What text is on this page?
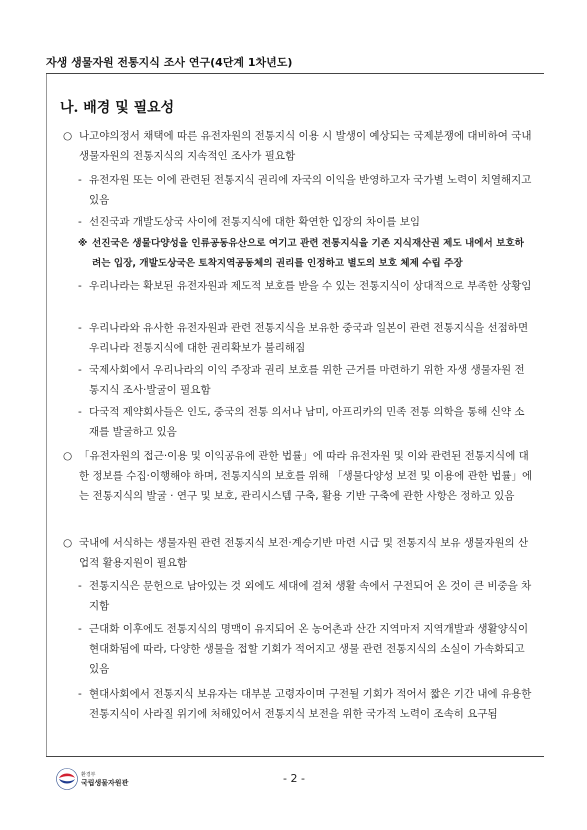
자생 생물자원 전통지식 조사 연구(4단계 1차년도)
나. 배경 및 필요성
○ 나고야의정서 채택에 따른 유전자원의 전통지식 이용 시 발생이 예상되는 국제분쟁에 대비하여 국내 생물자원의 전통지식의 지속적인 조사가 필요함
- 유전자원 또는 이에 관련된 전통지식 권리에 자국의 이익을 반영하고자 국가별 노력이 치열해지고 있음
- 선진국과 개발도상국 사이에 전통지식에 대한 확연한 입장의 차이를 보임
※ 선진국은 생물다양성을 인류공동유산으로 여기고 관련 전통지식을 기존 지식재산권 제도 내에서 보호하려는 입장, 개발도상국은 토착지역공동체의 권리를 인정하고 별도의 보호 체제 수립 주장
- 우리나라는 확보된 유전자원과 제도적 보호를 받을 수 있는 전통지식이 상대적으로 부족한 상황임
- 우리나라와 유사한 유전자원과 관련 전통지식을 보유한 중국과 일본이 관련 전통지식을 선점하면 우리나라 전통지식에 대한 권리확보가 불리해짐
- 국제사회에서 우리나라의 이익 주장과 권리 보호를 위한 근거를 마련하기 위한 자생 생물자원 전통지식 조사·발굴이 필요함
- 다국적 제약회사들은 인도, 중국의 전통 의서나 남미, 아프리카의 민족 전통 의학을 통해 신약 소재를 발굴하고 있음
○ 「유전자원의 접근·이용 및 이익공유에 관한 법률」에 따라 유전자원 및 이와 관련된 전통지식에 대한 정보를 수집·이행해야 하며, 전통지식의 보호를 위해 「생물다양성 보전 및 이용에 관한 법률」에는 전통지식의 발굴 · 연구 및 보호, 관리시스템 구축, 활용 기반 구축에 관한 사항은 정하고 있음
○ 국내에 서식하는 생물자원 관련 전통지식 보전·계승기반 마련 시급 및 전통지식 보유 생물자원의 산업적 활용지원이 필요함
- 전통지식은 문헌으로 남아있는 것 외에도 세대에 걸쳐 생활 속에서 구전되어 온 것이 큰 비중을 차지함
- 근대화 이후에도 전통지식의 명맥이 유지되어 온 농어촌과 산간 지역마저 지역개발과 생활양식이 현대화됨에 따라, 다양한 생물을 접할 기회가 적어지고 생물 관련 전통지식의 소실이 가속화되고 있음
- 현대사회에서 전통지식 보유자는 대부분 고령자이며 구전될 기회가 적어서 짧은 기간 내에 유용한 전통지식이 사라질 위기에 처해있어서 전통지식 보전을 위한 국가적 노력이 조속히 요구됨
환경부
국립생물자원관	- 2 -
